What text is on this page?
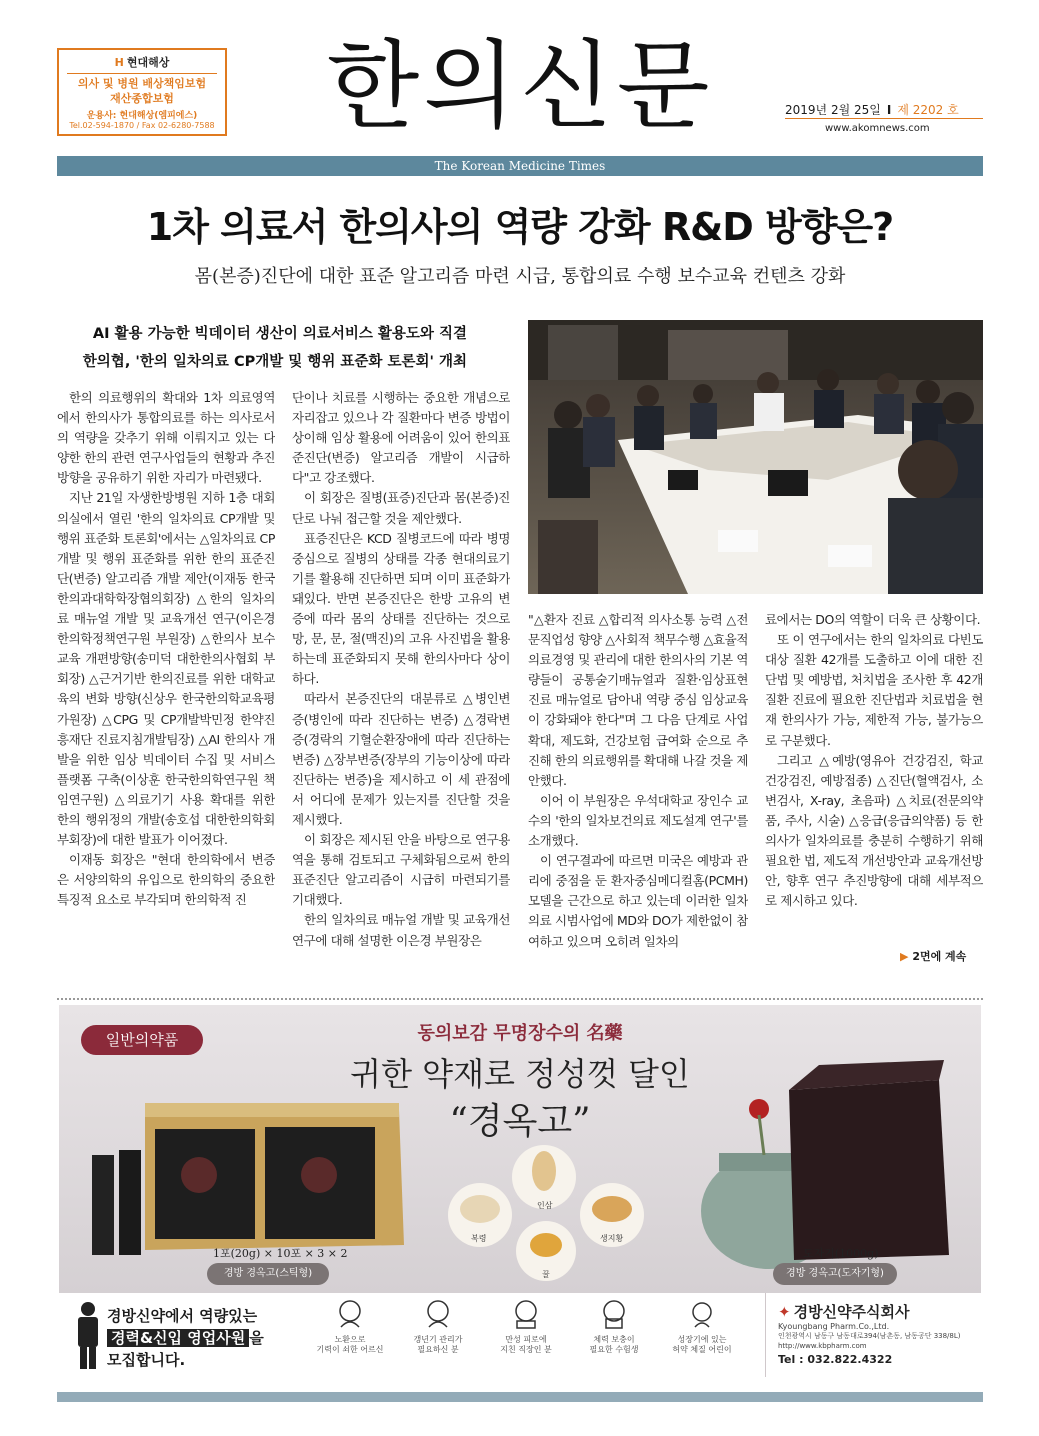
H 현대해상
의사 및 병원 배상책임보험
재산종합보험
운용사: 현대해상(엠피에스)
Tel.02-594-1870 / Fax 02-6280-7588 한의신문	2019년 2월 25일 I 제 2202 호
www.akomnews.com
The Korean Medicine Times
1차 의료서 한의사의 역량 강화 R&D 방향은?
몸(본증)진단에 대한 표준 알고리즘 마련 시급, 통합의료 수행 보수교육 컨텐츠 강화
AI 활용 가능한 빅데이터 생산이 의료서비스 활용도와 직결
한의협, '한의 일차의료 CP개발 및 행위 표준화 토론회' 개최

한의 의료행위의 확대와 1차 의료영역에서 한의사가 통합의료를 하는 의사로서의 역량을 갖추기 위해 이뤄지고 있는 다양한 한의 관련 연구사업들의 현황과 추진 방향을 공유하기 위한 자리가 마련됐다.

지난 21일 자생한방병원 지하 1층 대회의실에서 열린 '한의 일차의료 CP개발 및 행위 표준화 토론회'에서는 △일차의료 CP개발 및 행위 표준화를 위한 한의 표준진단(변증) 알고리즘 개발 제안(이재동 한국한의과대학학장협의회장) △한의 일차의료 매뉴얼 개발 및 교육개선 연구(이은경 한의학정책연구원 부원장) △한의사 보수교육 개편방향(송미덕 대한한의사협회 부회장) △근거기반 한의진료를 위한 대학교육의 변화 방향(신상우 한국한의학교육평가원장) △CPG 및 CP개발박민정 한약진흥재단 진료지침개발팀장) △AI 한의사 개발을 위한 임상 빅데이터 수집 및 서비스 플랫폼 구축(이상훈 한국한의학연구원 책임연구원) △의료기기 사용 확대를 위한 한의 행위정의 개발(송호섭 대한한의학회 부회장)에 대한 발표가 이어졌다.

이재동 회장은 "현대 한의학에서 변증은 서양의학의 유입으로 한의학의 중요한 특징적 요소로 부각되며 한의학적 진

단이나 치료를 시행하는 중요한 개념으로 자리잡고 있으나 각 질환마다 변증 방법이 상이해 임상 활용에 어려움이 있어 한의표준진단(변증) 알고리즘 개발이 시급하다"고 강조했다.

이 회장은 질병(표증)진단과 몸(본증)진단로 나눠 접근할 것을 제안했다.

표증진단은 KCD 질병코드에 따라 병명중심으로 질병의 상태를 각종 현대의료기기를 활용해 진단하면 되며 이미 표준화가 돼있다. 반면 본증진단은 한방 고유의 변증에 따라 몸의 상태를 진단하는 것으로 망, 문, 문, 절(맥진)의 고유 사진법을 활용하는데 표준화되지 못해 한의사마다 상이하다.

따라서 본증진단의 대분류로 △병인변증(병인에 따라 진단하는 변증) △경락변증(경락의 기혈순환장애에 따라 진단하는 변증) △장부변증(장부의 기능이상에 따라 진단하는 변증)을 제시하고 이 세 관점에서 어디에 문제가 있는지를 진단할 것을 제시했다.

이 회장은 제시된 안을 바탕으로 연구용역을 통해 검토되고 구체화됨으로써 한의표준진단 알고리즘이 시급히 마련되기를 기대했다.

한의 일차의료 매뉴얼 개발 및 교육개선 연구에 대해 설명한 이은경 부원장은

"△환자 진료 △합리적 의사소통 능력 △전문직업성 향양 △사회적 책무수행 △효율적 의료경영 및 관리에 대한 한의사의 기본 역량들이 공통술기매뉴얼과 질환·임상표현 진료 매뉴얼로 담아내 역량 중심 임상교육이 강화돼야 한다"며 그 다음 단계로 사업확대, 제도화, 건강보험 급여화 순으로 추진해 한의 의료행위를 확대해 나갈 것을 제안했다.

이어 이 부원장은 우석대학교 장인수 교수의 '한의 일차보건의료 제도설계 연구'를 소개했다.

이 연구결과에 따르면 미국은 예방과 관리에 중점을 둔 환자중심메디컬홈(PCMH) 모델을 근간으로 하고 있는데 이러한 일차의료 시범사업에 MD와 DO가 제한없이 참여하고 있으며 오히려 일차의

료에서는 DO의 역할이 더욱 큰 상황이다.

또 이 연구에서는 한의 일차의료 다빈도 대상 질환 42개를 도출하고 이에 대한 진단법 및 예방법, 처치법을 조사한 후 42개 질환 진료에 필요한 진단법과 치료법을 현재 한의사가 가능, 제한적 가능, 불가능으로 구분했다.

그리고 △예방(영유아 건강검진, 학교 건강검진, 예방접종) △진단(혈액검사, 소변검사, X-ray, 초음파) △치료(전문의약품, 주사, 시술) △응급(응급의약품) 등 한의사가 일차의료를 충분히 수행하기 위해 필요한 법, 제도적 개선방안과 교육개선방안, 향후 연구 추진방향에 대해 세부적으로 제시하고 있다.

▶ 2면에 계속
일반의약품	동의보감 무명장수의 名藥
귀한 약재로 정성껏 달인
“경옥고”
1포(20g) × 10포 × 3 × 2
경방 경옥고(스틱형)
도자기(1000g)
경방 경옥고(도자기형)
인삼
복령	생지황
꿀
경방신약에서 역량있는
경력&신입 영업사원 을
모집합니다.
노환으로
기력이 쇠한 어르신
갱년기 관리가
필요하신 분
만성 피로에
지친 직장인 분
체력 보충이
필요한 수험생
성장기에 있는
허약 체질 어린이
✦ 경방신약주식회사
Kyoungbang Pharm.Co.,Ltd.
인천광역시 남동구 남동대로394(남촌동, 남동공단 338/8L)
http://www.kbpharm.com
Tel : 032.822.4322
